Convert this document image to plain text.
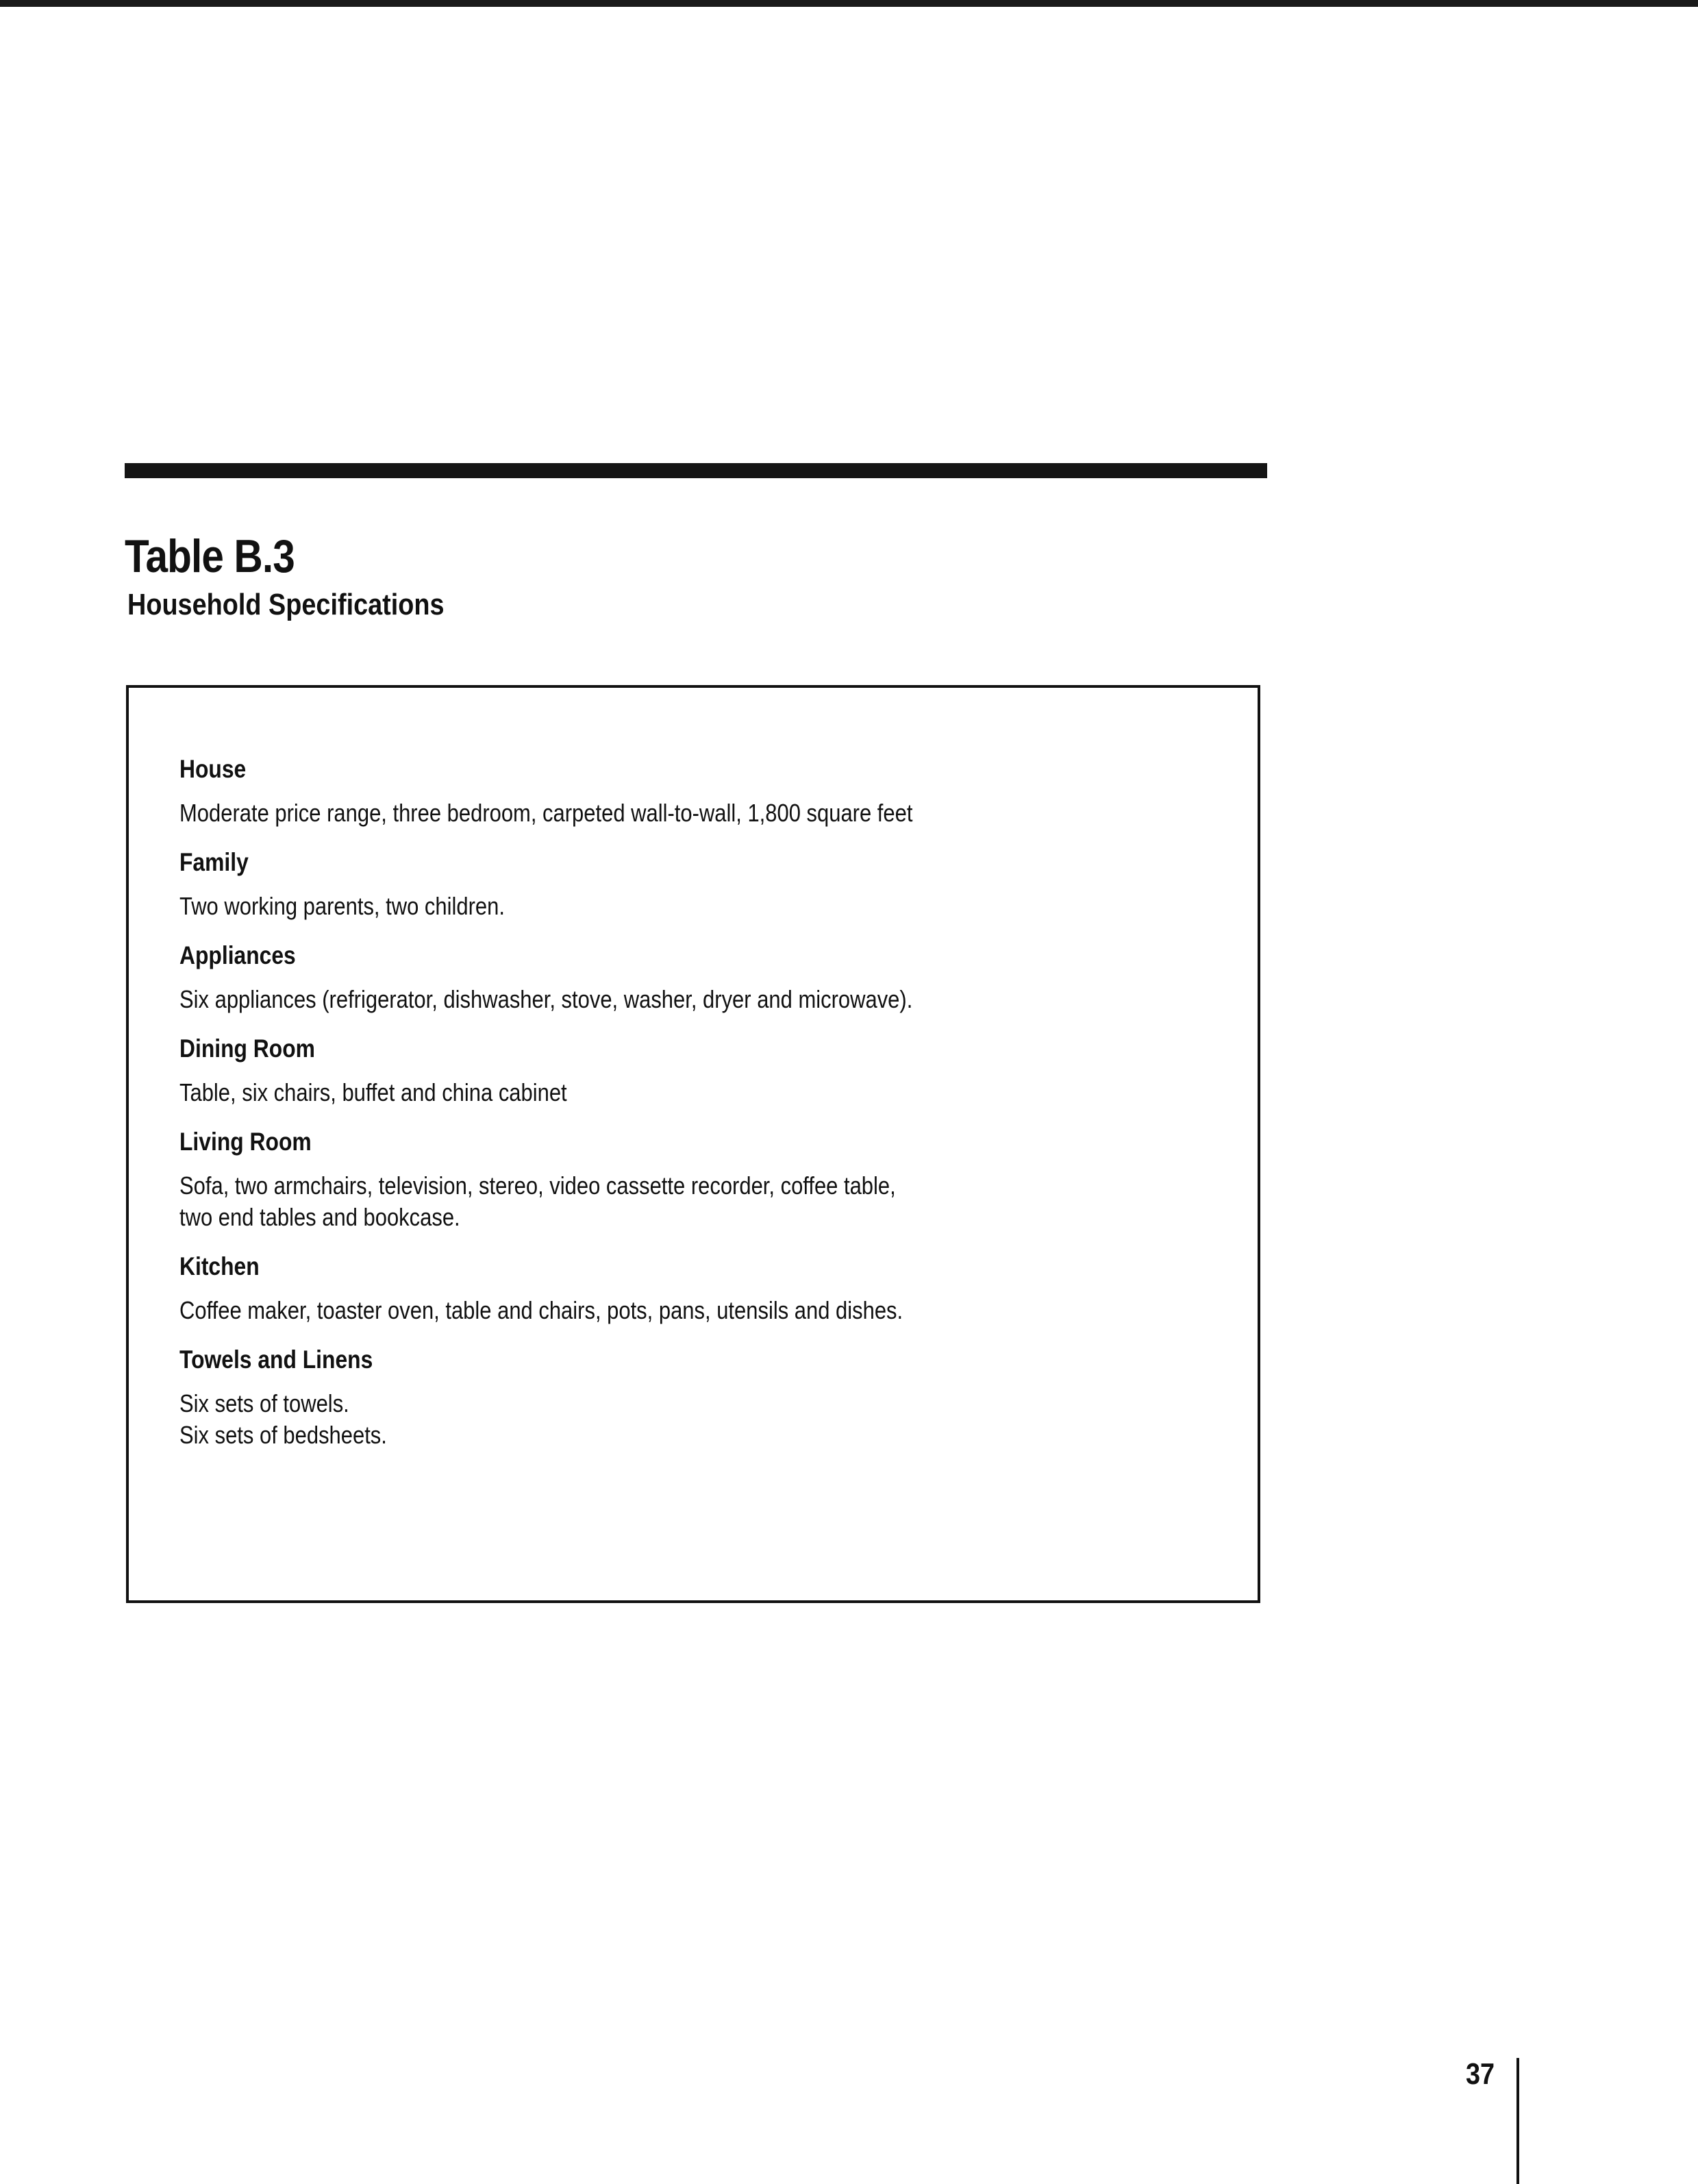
Table B.3
Household Specifications
House
Moderate price range, three bedroom, carpeted wall-to-wall, 1,800 square feet
Family
Two working parents, two children.
Appliances
Six appliances (refrigerator, dishwasher, stove, washer, dryer and microwave).
Dining Room
Table, six chairs, buffet and china cabinet
Living Room
Sofa, two armchairs, television, stereo, video cassette recorder, coffee table,
two end tables and bookcase.
Kitchen
Coffee maker, toaster oven, table and chairs, pots, pans, utensils and dishes.
Towels and Linens
Six sets of towels.
Six sets of bedsheets.
37
